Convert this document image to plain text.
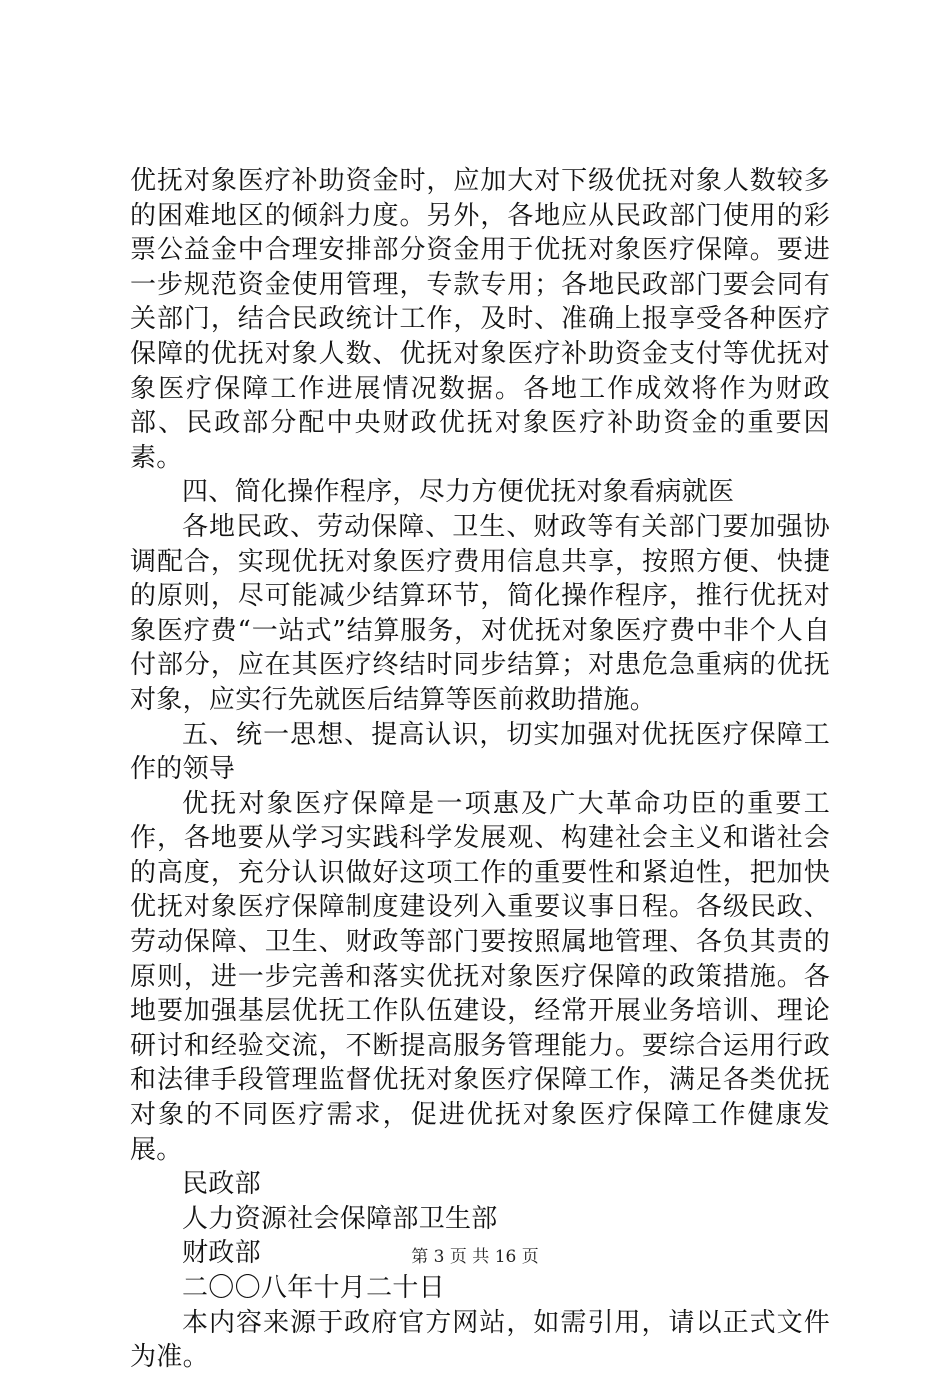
优抚对象医疗补助资金时，应加大对下级优抚对象人数较多的困难地区的倾斜力度。另外，各地应从民政部门使用的彩票公益金中合理安排部分资金用于优抚对象医疗保障。要进一步规范资金使用管理，专款专用；各地民政部门要会同有关部门，结合民政统计工作，及时、准确上报享受各种医疗保障的优抚对象人数、优抚对象医疗补助资金支付等优抚对象医疗保障工作进展情况数据。各地工作成效将作为财政部、民政部分配中央财政优抚对象医疗补助资金的重要因素。

四、简化操作程序，尽力方便优抚对象看病就医

各地民政、劳动保障、卫生、财政等有关部门要加强协调配合，实现优抚对象医疗费用信息共享，按照方便、快捷的原则，尽可能减少结算环节，简化操作程序，推行优抚对象医疗费“一站式”结算服务，对优抚对象医疗费中非个人自付部分，应在其医疗终结时同步结算；对患危急重病的优抚对象，应实行先就医后结算等医前救助措施。

五、统一思想、提高认识，切实加强对优抚医疗保障工作的领导

优抚对象医疗保障是一项惠及广大革命功臣的重要工作，各地要从学习实践科学发展观、构建社会主义和谐社会的高度，充分认识做好这项工作的重要性和紧迫性，把加快优抚对象医疗保障制度建设列入重要议事日程。各级民政、劳动保障、卫生、财政等部门要按照属地管理、各负其责的原则，进一步完善和落实优抚对象医疗保障的政策措施。各地要加强基层优抚工作队伍建设，经常开展业务培训、理论研讨和经验交流，不断提高服务管理能力。要综合运用行政和法律手段管理监督优抚对象医疗保障工作，满足各类优抚对象的不同医疗需求，促进优抚对象医疗保障工作健康发展。

民政部

人力资源社会保障部卫生部

财政部

二〇〇八年十月二十日

本内容来源于政府官方网站，如需引用，请以正式文件为准。

第 3 页 共 16 页
